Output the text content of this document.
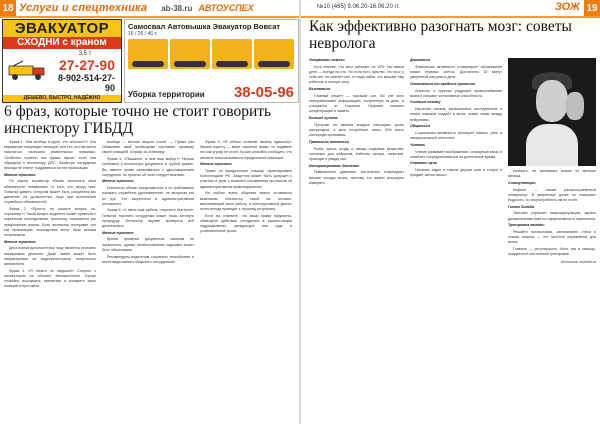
18 Услуги и спецтехника ab-38.ru АВТОУСПЕХ
ЭВАКУАТОР
СХОДНИ с краном
3,5 т
27-27-90
8-902-514-27-90
ДЕШЕВО, БЫСТРО, НАДЁЖНО
Самосвал Автовышка Эвакуатор Вовсат
16 / 26 / 46 т.
Уборка территории 38-05-96
6 фраз, которые точно не стоит говорить инспектору ГИБДД

Фраза 1. «Вы вообще в курсе, кто я/он/она?!» Эта выражение говорящих наглецов, или тех, кто пытается хвастаться наличием влиятельных знакомых. Особенно странно эта фраза звучит, если она обращена к инспектору ДПС. Зачастую сотрудники никогда не станут поддаваться на эти провокации.

Мнение юристов

По закону инспектор обязан исполнять свои обязанности независимо от того, кто перед ним. Попытка давить статусом может быть расценена как давление на должностное лицо при исполнении служебных обязанностей.

Фраза 2. «Прости, не решите вопрос по-хорошему?» Такой вопрос водителя может привести к серьёзным последствиям, поскольку понимается как предложение взятки. Если инспектор воспримет это как провокацию, последствия могут быть весьма печальными.

Мнение юристов

Дача взятки должностному лицу является уголовно наказуемым деянием. Даже намёк может быть зафиксирован на видеорегистратор патрульного автомобиля.

Фраза 3. «Я ничего не нарушал!» Спорить с инспектором на обочине бессмысленно. Лучше спокойно выслушать претензии и изложить свою позицию в протоколе.

вообще — вечная защита коней, — Прямо раз Обязывать свой необходимо поставить проверку своей позицией. Штраф за остановку.

Фраза 4. «Покажите, а чем наш выбор?» Нельзя требовать у инспектора документы в грубой форме. Вы имеете право ознакомиться с удостоверением сотрудника, но просить об этом следует вежливо.

Мнение юристов

Инспектор обязан представиться и по требованию показать служебное удостоверение, не выпуская его из рук. Это закреплено в Административном регламенте.

Фраза 5. «У меня ещё работа, отпустите быстрее!» Попытка торопить сотрудника может лишь затянуть процедуру. Инспектор вправе проверить всё досконально.

Мнение юристов

Время проверки документов законом не ограничено, однако необоснованная задержка может быть обжалована.

Рекомендуем водителям сохранять спокойствие и вести видеозапись общения с сотрудником.

Фраза 6. «Я сейчас позвоню своему адвокату!» Звонок юристу — ваше законное право, но подавать это как угрозу не стоит. Лучше спокойно сообщить, что желаете воспользоваться юридической помощью.

Мнение юристов

Право на юридическую помощь гарантировано Конституцией РФ. Защитник может быть допущен к участию в деле с момента составления протокола об административном правонарушении.

На любом этапе общения важно оставаться вежливым. Инспектор такой же человек, выполняющий свою работу, и конструктивный диалог почти всегда приводит к лучшему результату.

Если вы считаете, что ваши права нарушены, обжалуйте действия сотрудника в вышестоящем подразделении, прокуратуре или суде в установленные сроки.

№10 (465) 9.06.20-16.06.20 гг.	ЗОЖ 19
Как эффективно разогнать мозг: советы невролога

Устранить помехи

Есть мнение, что мозг работает на 10%. На самом деле — всегда на сто. Но если есть чувство, что мозг у тебя сел, не хватает сил, то надо найти, что мешает ему работать в полную силу.

Выспаться

Главный рецепт — хороший сон. Во сне мозг перерабатывает информацию, полученную за день, и очищается от токсинов. Недосып снижает концентрацию и память.

Больше гулять

Прогулки на свежем воздухе насыщают кровь кислородом, а мозг потребляет около 20% всего кислорода организма.

Правильно питаться

Рыба, орехи, ягоды и овощи содержат вещества, полезные для нейронов. Избыток сахара, напротив, приводит к упадку сил.

Контролировать давление

Повышенное давление постепенно повреждает мелкие сосуды мозга, поэтому его важно регулярно измерять.

Двигаться

Физическая активность стимулирует образование новых нервных клеток. Достаточно 30 минут умеренной нагрузки в день.

Отказаться от вредных привычек

Алкоголь и курение ухудшают кровоснабжение мозга и снижают когнитивные способности.

Учиться новому

Изучение языков, музыкальных инструментов и новых навыков создаёт в мозге новые связи между нейронами.

Общаться

Социальная активность тренирует память, речь и эмоциональный интеллект.

Читать

Чтение развивает воображение, словарный запас и помогает сосредотачиваться на длительное время.

Ставить цели

Наличие задач и планов держит мозг в тонусе и придаёт жизни смысл.

успехать, не принимать можно не меньше месяца.

Стимуляторы

Кофеин — самый распространённый стимулятор. В умеренных дозах он повышает бодрость, но злоупотреблять им не стоит.

Гинкго билоба

Экстракт улучшает микроциркуляцию, однако доказательная база его эффективности ограничена.

Тренировка памяти

Решайте головоломки, запоминайте стихи и списки покупок — это простые упражнения для мозга.

Главное — регулярность. Мозг, как и мышцы, нуждается в постоянной тренировке.

Источник: zozhnik.ru
